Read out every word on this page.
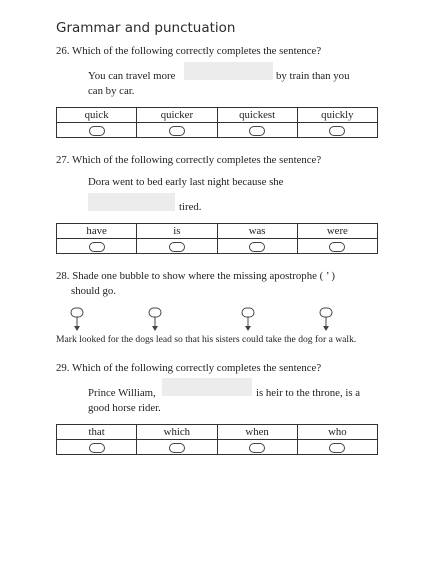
Grammar and punctuation
26. Which of the following correctly completes the sentence?
You can travel more	by train than you
can by car.
quick	quicker	quickest	quickly

27. Which of the following correctly completes the sentence?
Dora went to bed early last night because she
tired.
have	is	was	were

28. Shade one bubble to show where the missing apostrophe ( ’ )
should go.
Mark looked for the dogs lead so that his sisters could take the dog for a walk.
29. Which of the following correctly completes the sentence?
Prince William,	is heir to the throne, is a
good horse rider.
that	which	when	who
